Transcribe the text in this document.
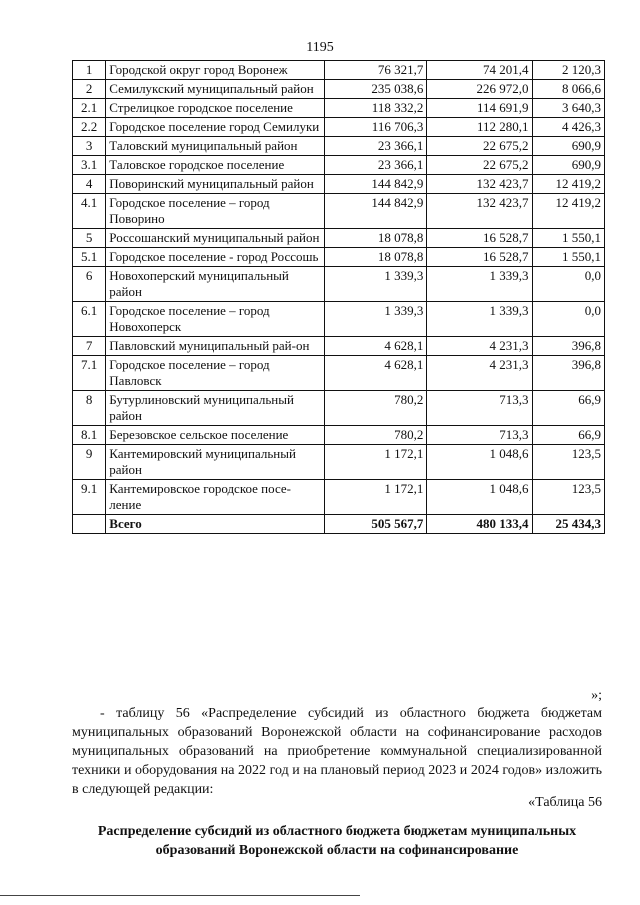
1195
1	Городской округ город Воронеж	76 321,7	74 201,4	2 120,3
2	Семилукский муниципальный район	235 038,6	226 972,0	8 066,6
2.1	Стрелицкое городское поселение	118 332,2	114 691,9	3 640,3
2.2	Городское поселение город Семилуки	116 706,3	112 280,1	4 426,3
3	Таловский муниципальный район	23 366,1	22 675,2	690,9
3.1	Таловское городское поселение	23 366,1	22 675,2	690,9
4	Поворинский муниципальный район	144 842,9	132 423,7	12 419,2
4.1	Городское поселение – город Поворино	144 842,9	132 423,7	12 419,2
5	Россошанский муниципальный район	18 078,8	16 528,7	1 550,1
5.1	Городское поселение - город Россошь	18 078,8	16 528,7	1 550,1
6	Новохоперский муниципальный район	1 339,3	1 339,3	0,0
6.1	Городское поселение – город Новохоперск	1 339,3	1 339,3	0,0
7	Павловский муниципальный рай-он	4 628,1	4 231,3	396,8
7.1	Городское поселение – город Павловск	4 628,1	4 231,3	396,8
8	Бутурлиновский муниципальный район	780,2	713,3	66,9
8.1	Березовское сельское поселение	780,2	713,3	66,9
9	Кантемировский муниципальный район	1 172,1	1 048,6	123,5
9.1	Кантемировское городское посе-ление	1 172,1	1 048,6	123,5
	Всего	505 567,7	480 133,4	25 434,3
»;
- таблицу 56 «Распределение субсидий из областного бюджета бюджетам муниципальных образований Воронежской области на софинансирование расходов муниципальных образований на приобретение коммунальной специализированной техники и оборудования на 2022 год и на плановый период 2023 и 2024 годов» изложить в следующей редакции:
«Таблица 56
Распределение субсидий из областного бюджета бюджетам муниципальных образований Воронежской области на софинансирование
